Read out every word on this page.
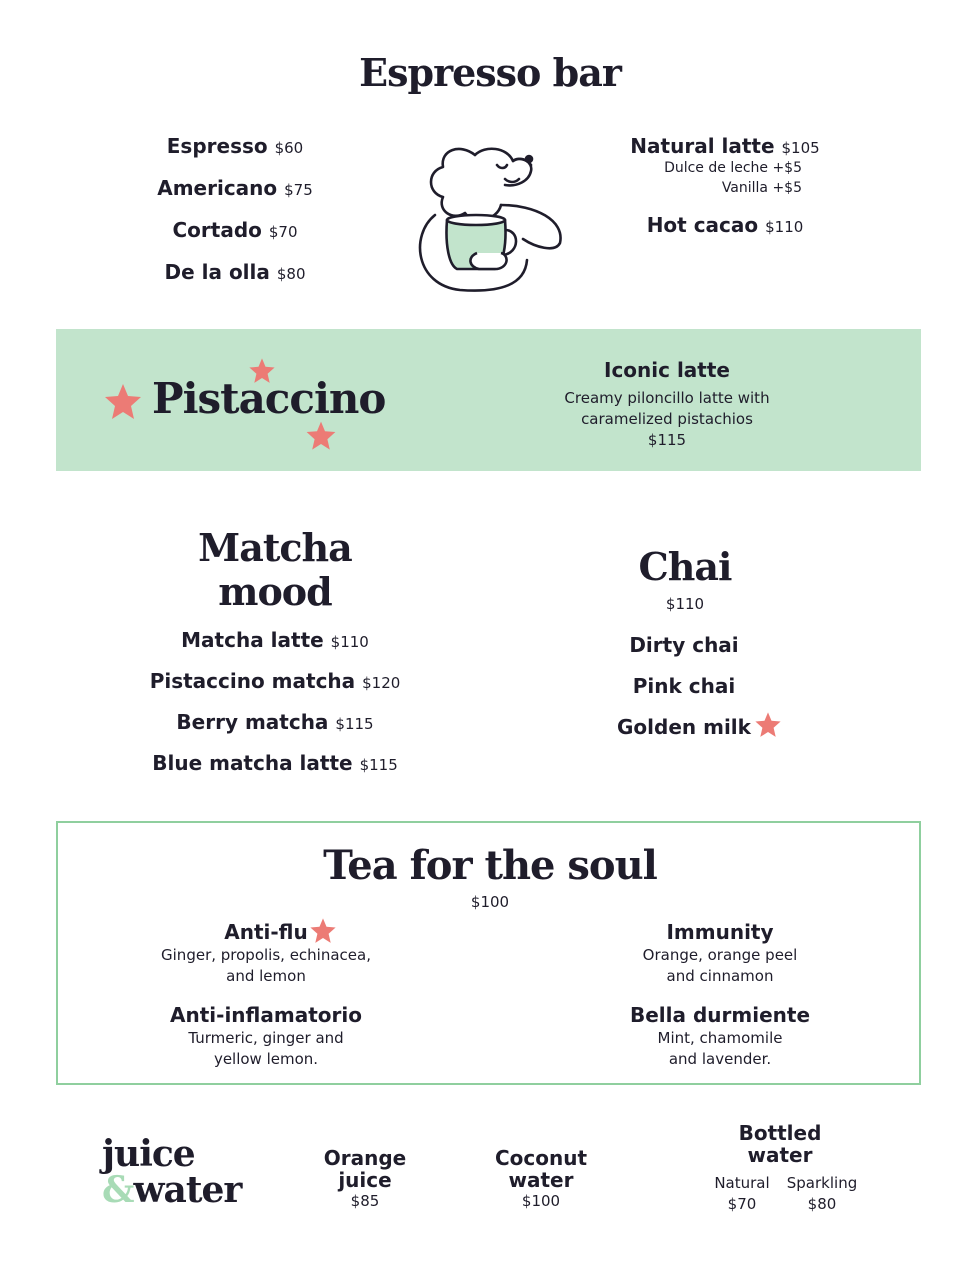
Espresso bar
Espresso $60
Americano $75
Cortado $70
De la olla $80
Natural latte $105
Dulce de leche +$5
Vanilla +$5
Hot cacao $110
Pistaccino
Iconic latte
Creamy piloncillo latte with
caramelized pistachios
$115
Matcha
mood
Matcha latte $110
Pistaccino matcha $120
Berry matcha $115
Blue matcha latte $115
Chai
$110
Dirty chai
Pink chai
Golden milk
Tea for the soul
$100
Anti-flu
Ginger, propolis, echinacea,
and lemon
Immunity
Orange, orange peel
and cinnamon
Anti-inflamatorio
Turmeric, ginger and
yellow lemon.
Bella durmiente
Mint, chamomile
and lavender.
juice
&water
Orange
juice
$85
Coconut
water
$100
Bottled
water
Natural
$70
Sparkling
$80
